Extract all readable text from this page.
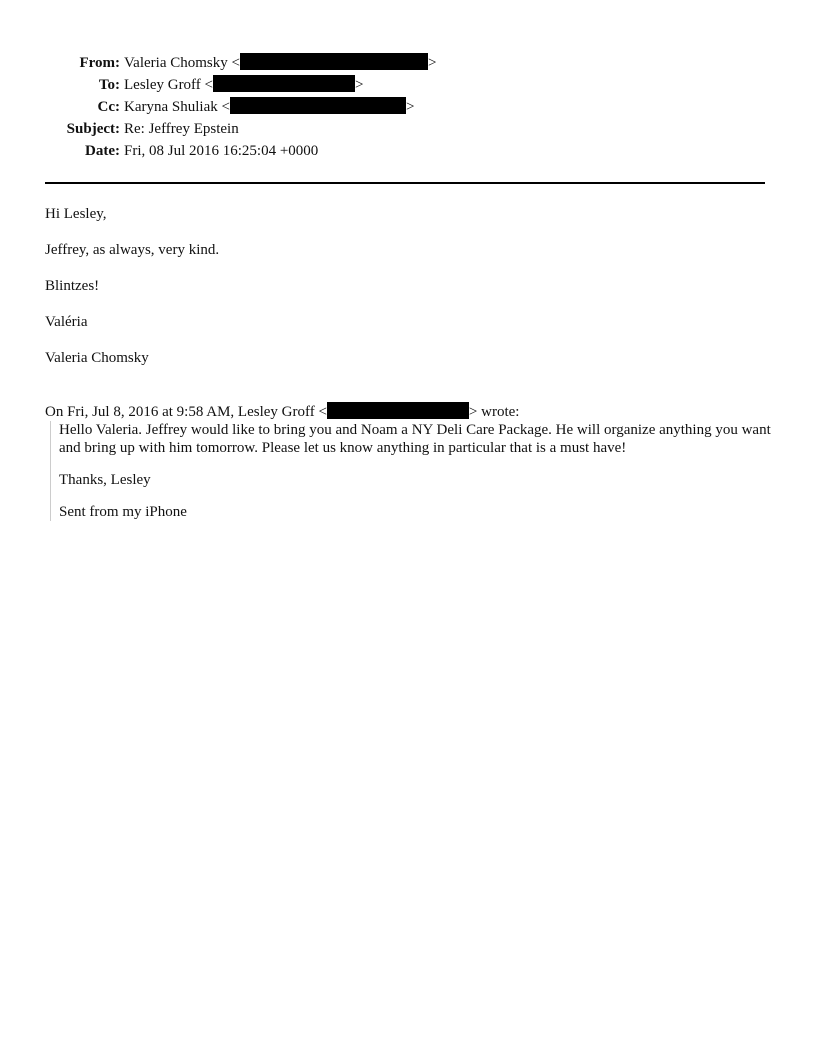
From: Valeria Chomsky <	>
To: Lesley Groff <	>
Cc: Karyna Shuliak <	>
Subject: Re: Jeffrey Epstein
Date: Fri, 08 Jul 2016 16:25:04 +0000

Hi Lesley,

Jeffrey, as always, very kind.

Blintzes!

Valéria

Valeria Chomsky

On Fri, Jul 8, 2016 at 9:58 AM, Lesley Groff <	> wrote:

Hello Valeria. Jeffrey would like to bring you and Noam a NY Deli Care Package. He will organize anything you want and bring up with him tomorrow. Please let us know anything in particular that is a must have!

Thanks, Lesley

Sent from my iPhone
